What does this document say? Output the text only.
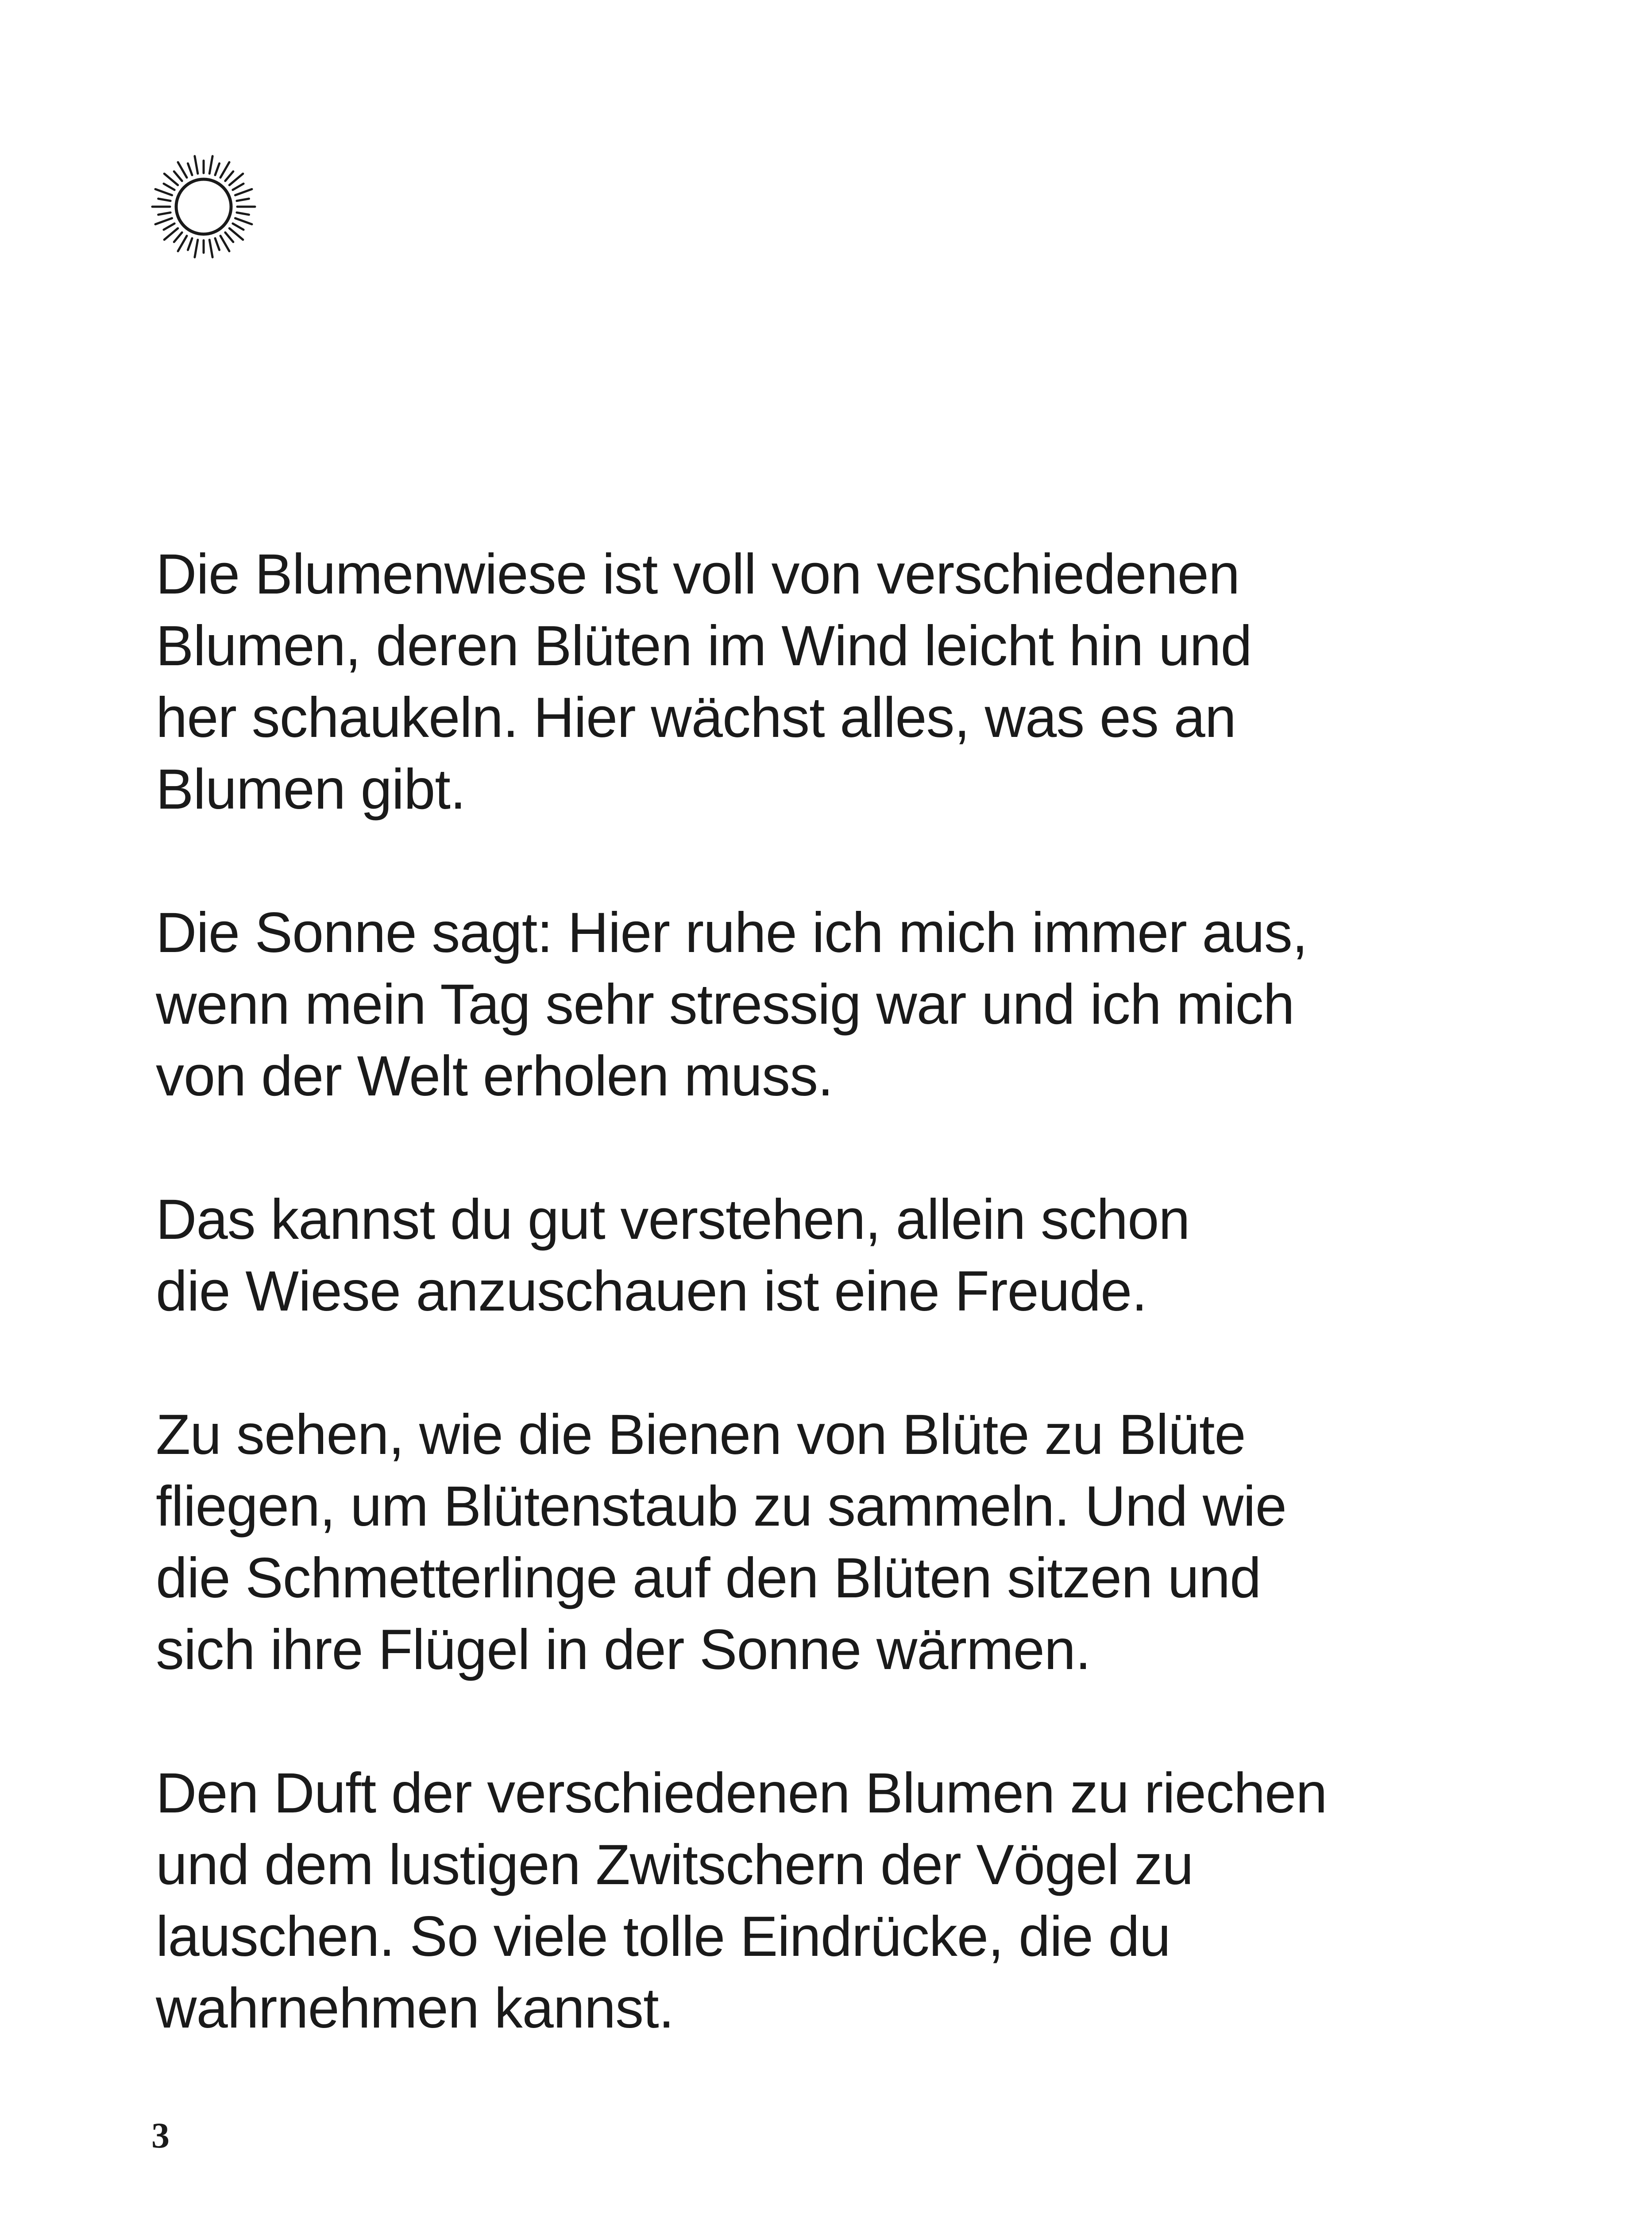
Die Blumenwiese ist voll von verschiedenen
Blumen, deren Blüten im Wind leicht hin und
her schaukeln. Hier wächst alles, was es an
Blumen gibt.

Die Sonne sagt: Hier ruhe ich mich immer aus,
wenn mein Tag sehr stressig war und ich mich
von der Welt erholen muss.

Das kannst du gut verstehen, allein schon
die Wiese anzuschauen ist eine Freude.

Zu sehen, wie die Bienen von Blüte zu Blüte
fliegen, um Blütenstaub zu sammeln. Und wie
die Schmetterlinge auf den Blüten sitzen und
sich ihre Flügel in der Sonne wärmen.

Den Duft der verschiedenen Blumen zu riechen
und dem lustigen Zwitschern der Vögel zu
lauschen. So viele tolle Eindrücke, die du
wahrnehmen kannst.

3
